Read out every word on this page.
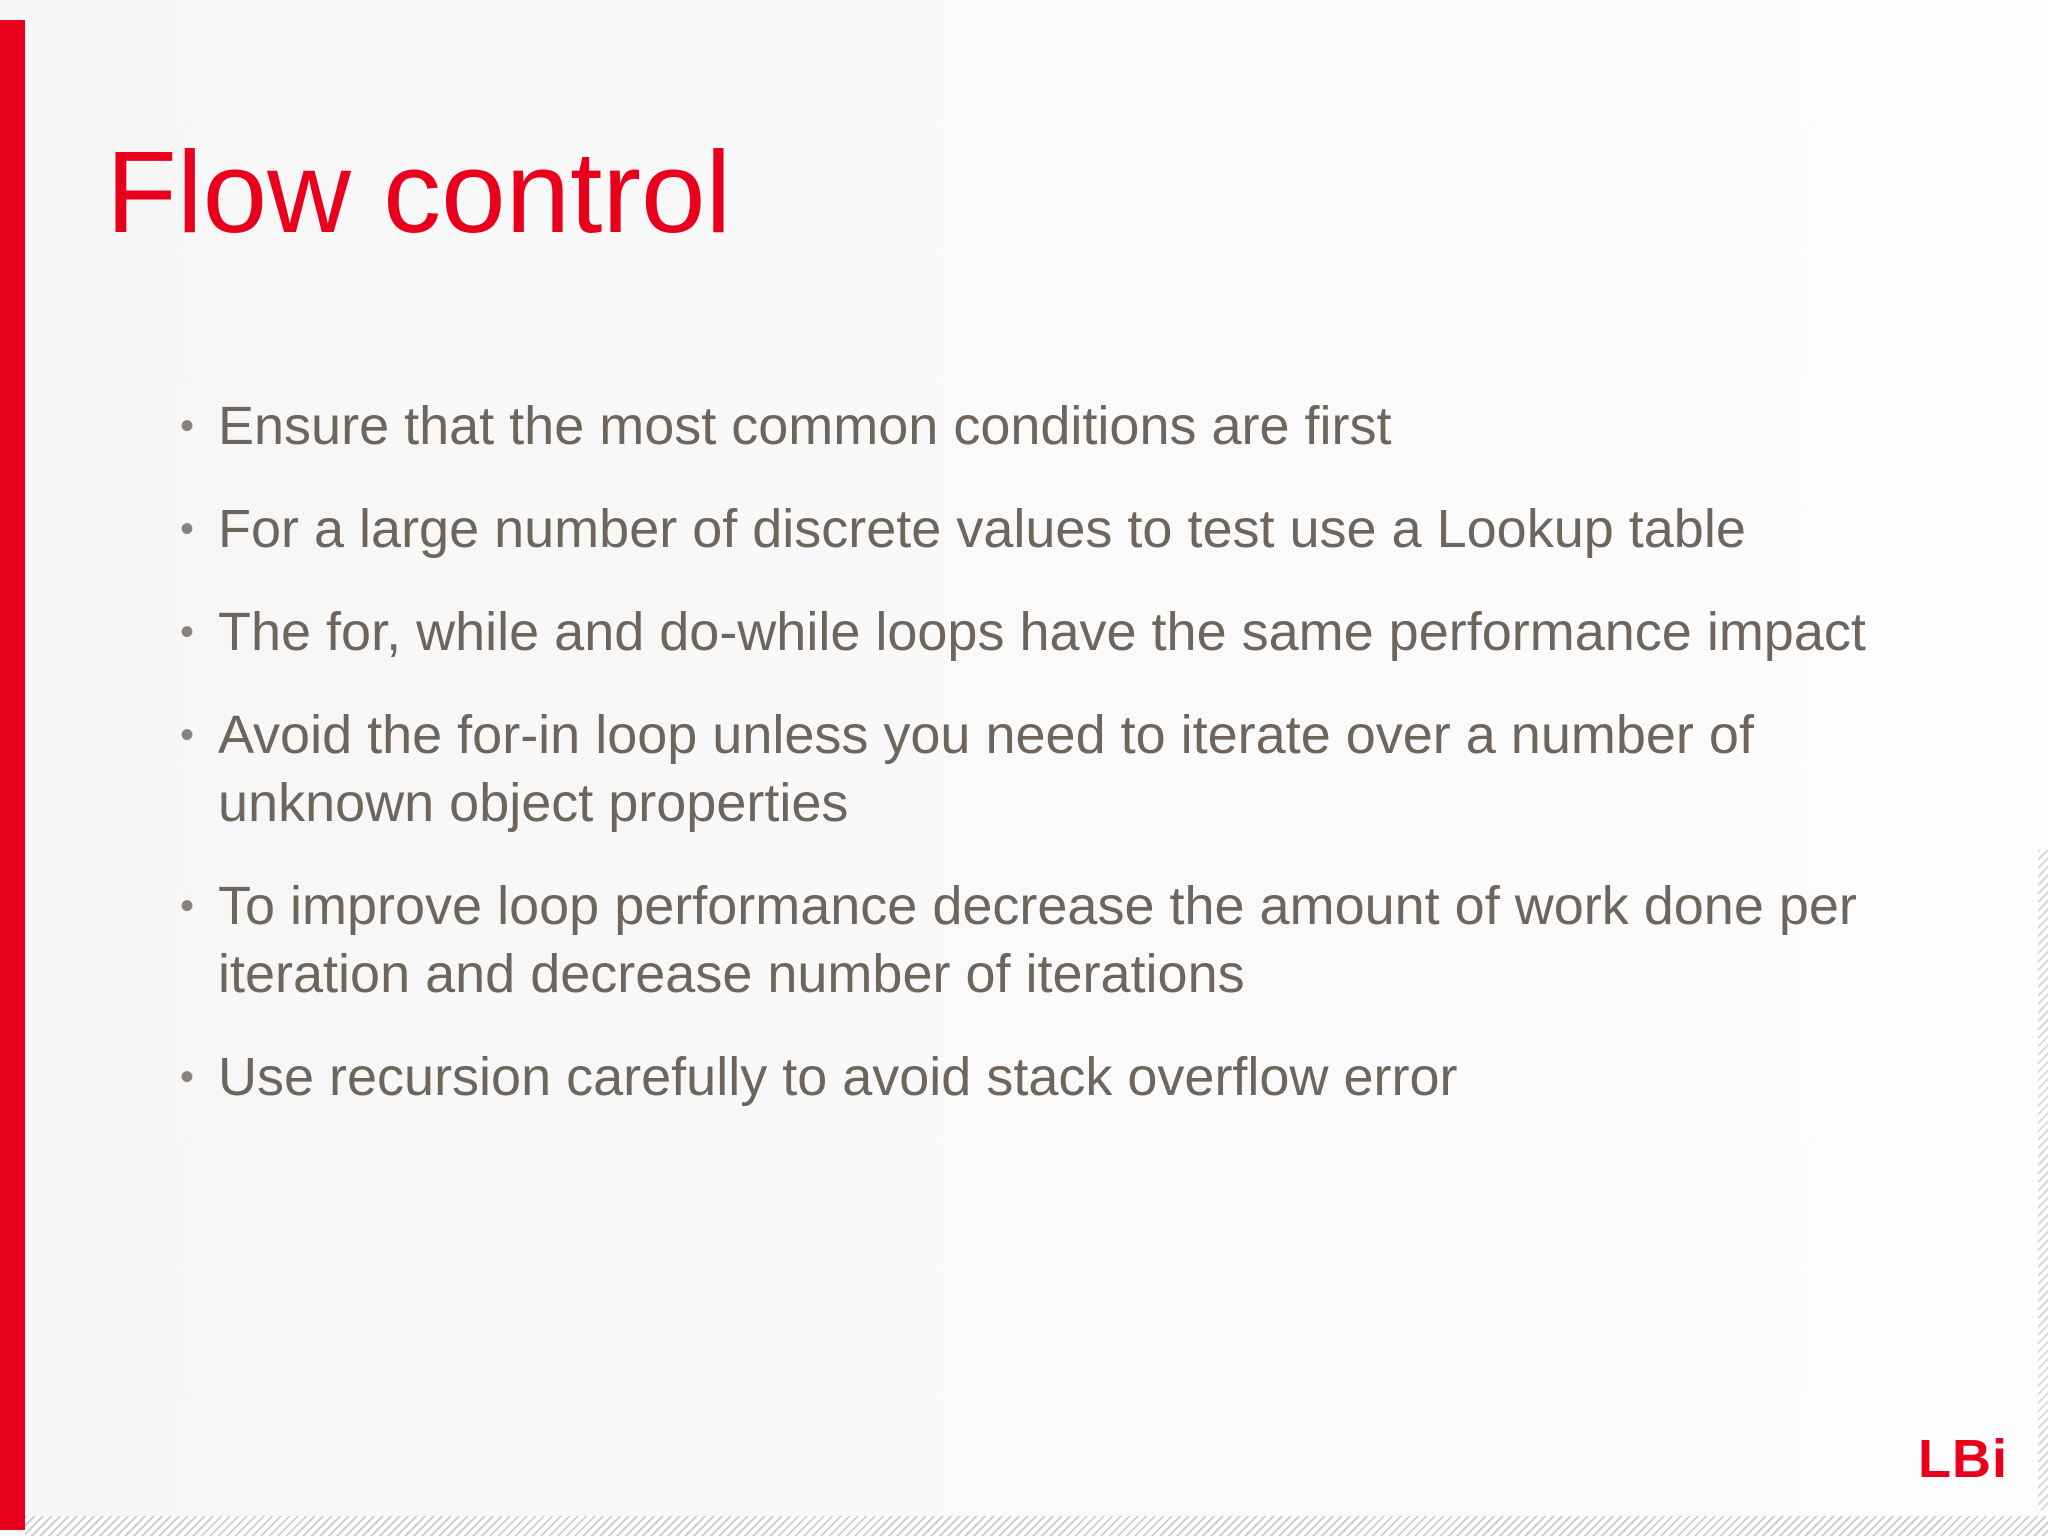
Flow control
• Ensure that the most common conditions are first
• For a large number of discrete values to test use a Lookup table
• The for, while and do-while loops have the same performance impact
• Avoid the for-in loop unless you need to iterate over a number of unknown object properties
• To improve loop performance decrease the amount of work done per iteration and decrease number of iterations
• Use recursion carefully to avoid stack overflow error
LBi
